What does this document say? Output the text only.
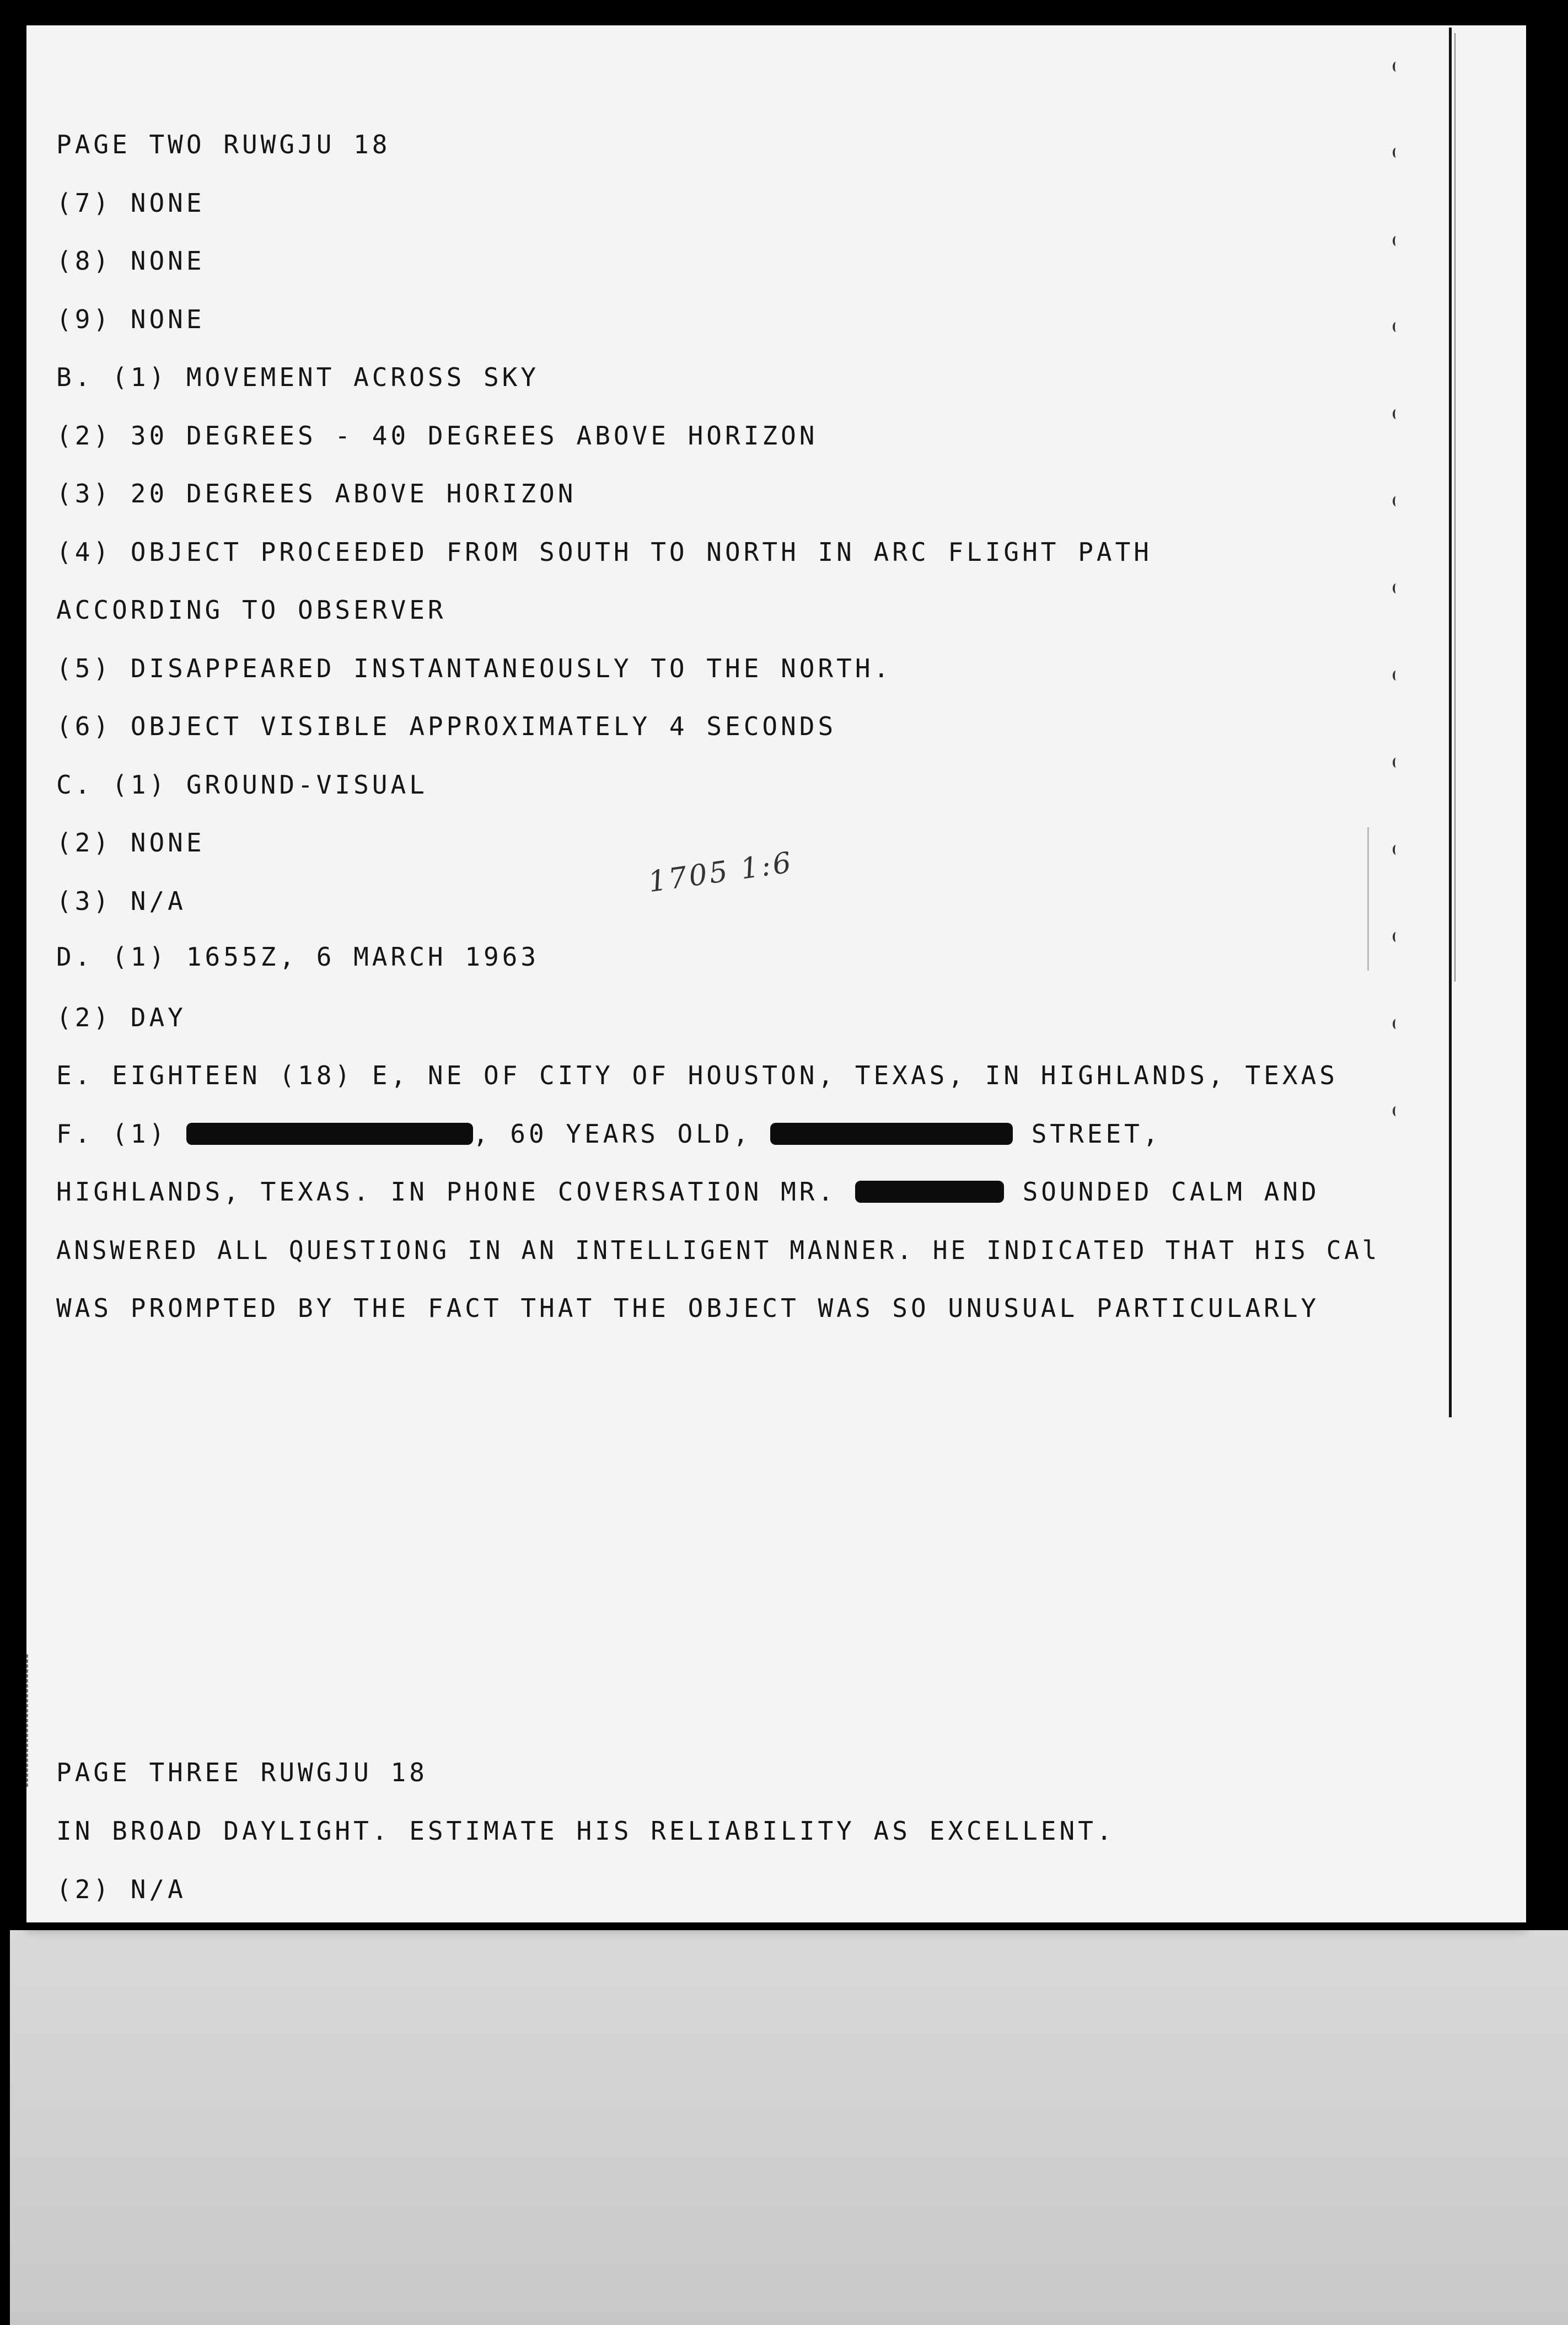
PAGE TWO RUWGJU 18
(7) NONE
(8) NONE
(9) NONE
B. (1) MOVEMENT ACROSS SKY
(2) 30 DEGREES - 40 DEGREES ABOVE HORIZON
(3) 20 DEGREES ABOVE HORIZON
(4) OBJECT PROCEEDED FROM SOUTH TO NORTH IN ARC FLIGHT PATH
ACCORDING TO OBSERVER
(5) DISAPPEARED INSTANTANEOUSLY TO THE NORTH.
(6) OBJECT VISIBLE APPROXIMATELY 4 SECONDS
C. (1) GROUND-VISUAL
(2) NONE
(3) N/A
D. (1) 1655Z, 6 MARCH 1963
(2) DAY
E. EIGHTEEN (18) E, NE OF CITY OF HOUSTON, TEXAS, IN HIGHLANDS, TEXAS
F. (1)	, 60 YEARS OLD,	STREET,
HIGHLANDS, TEXAS. IN PHONE COVERSATION MR.	SOUNDED CALM AND
ANSWERED ALL QUESTIONG IN AN INTELLIGENT MANNER. HE INDICATED THAT HIS CAl
WAS PROMPTED BY THE FACT THAT THE OBJECT WAS SO UNUSUAL PARTICULARLY
1705 1:6
PAGE THREE RUWGJU 18
IN BROAD DAYLIGHT. ESTIMATE HIS RELIABILITY AS EXCELLENT.
(2) N/A
